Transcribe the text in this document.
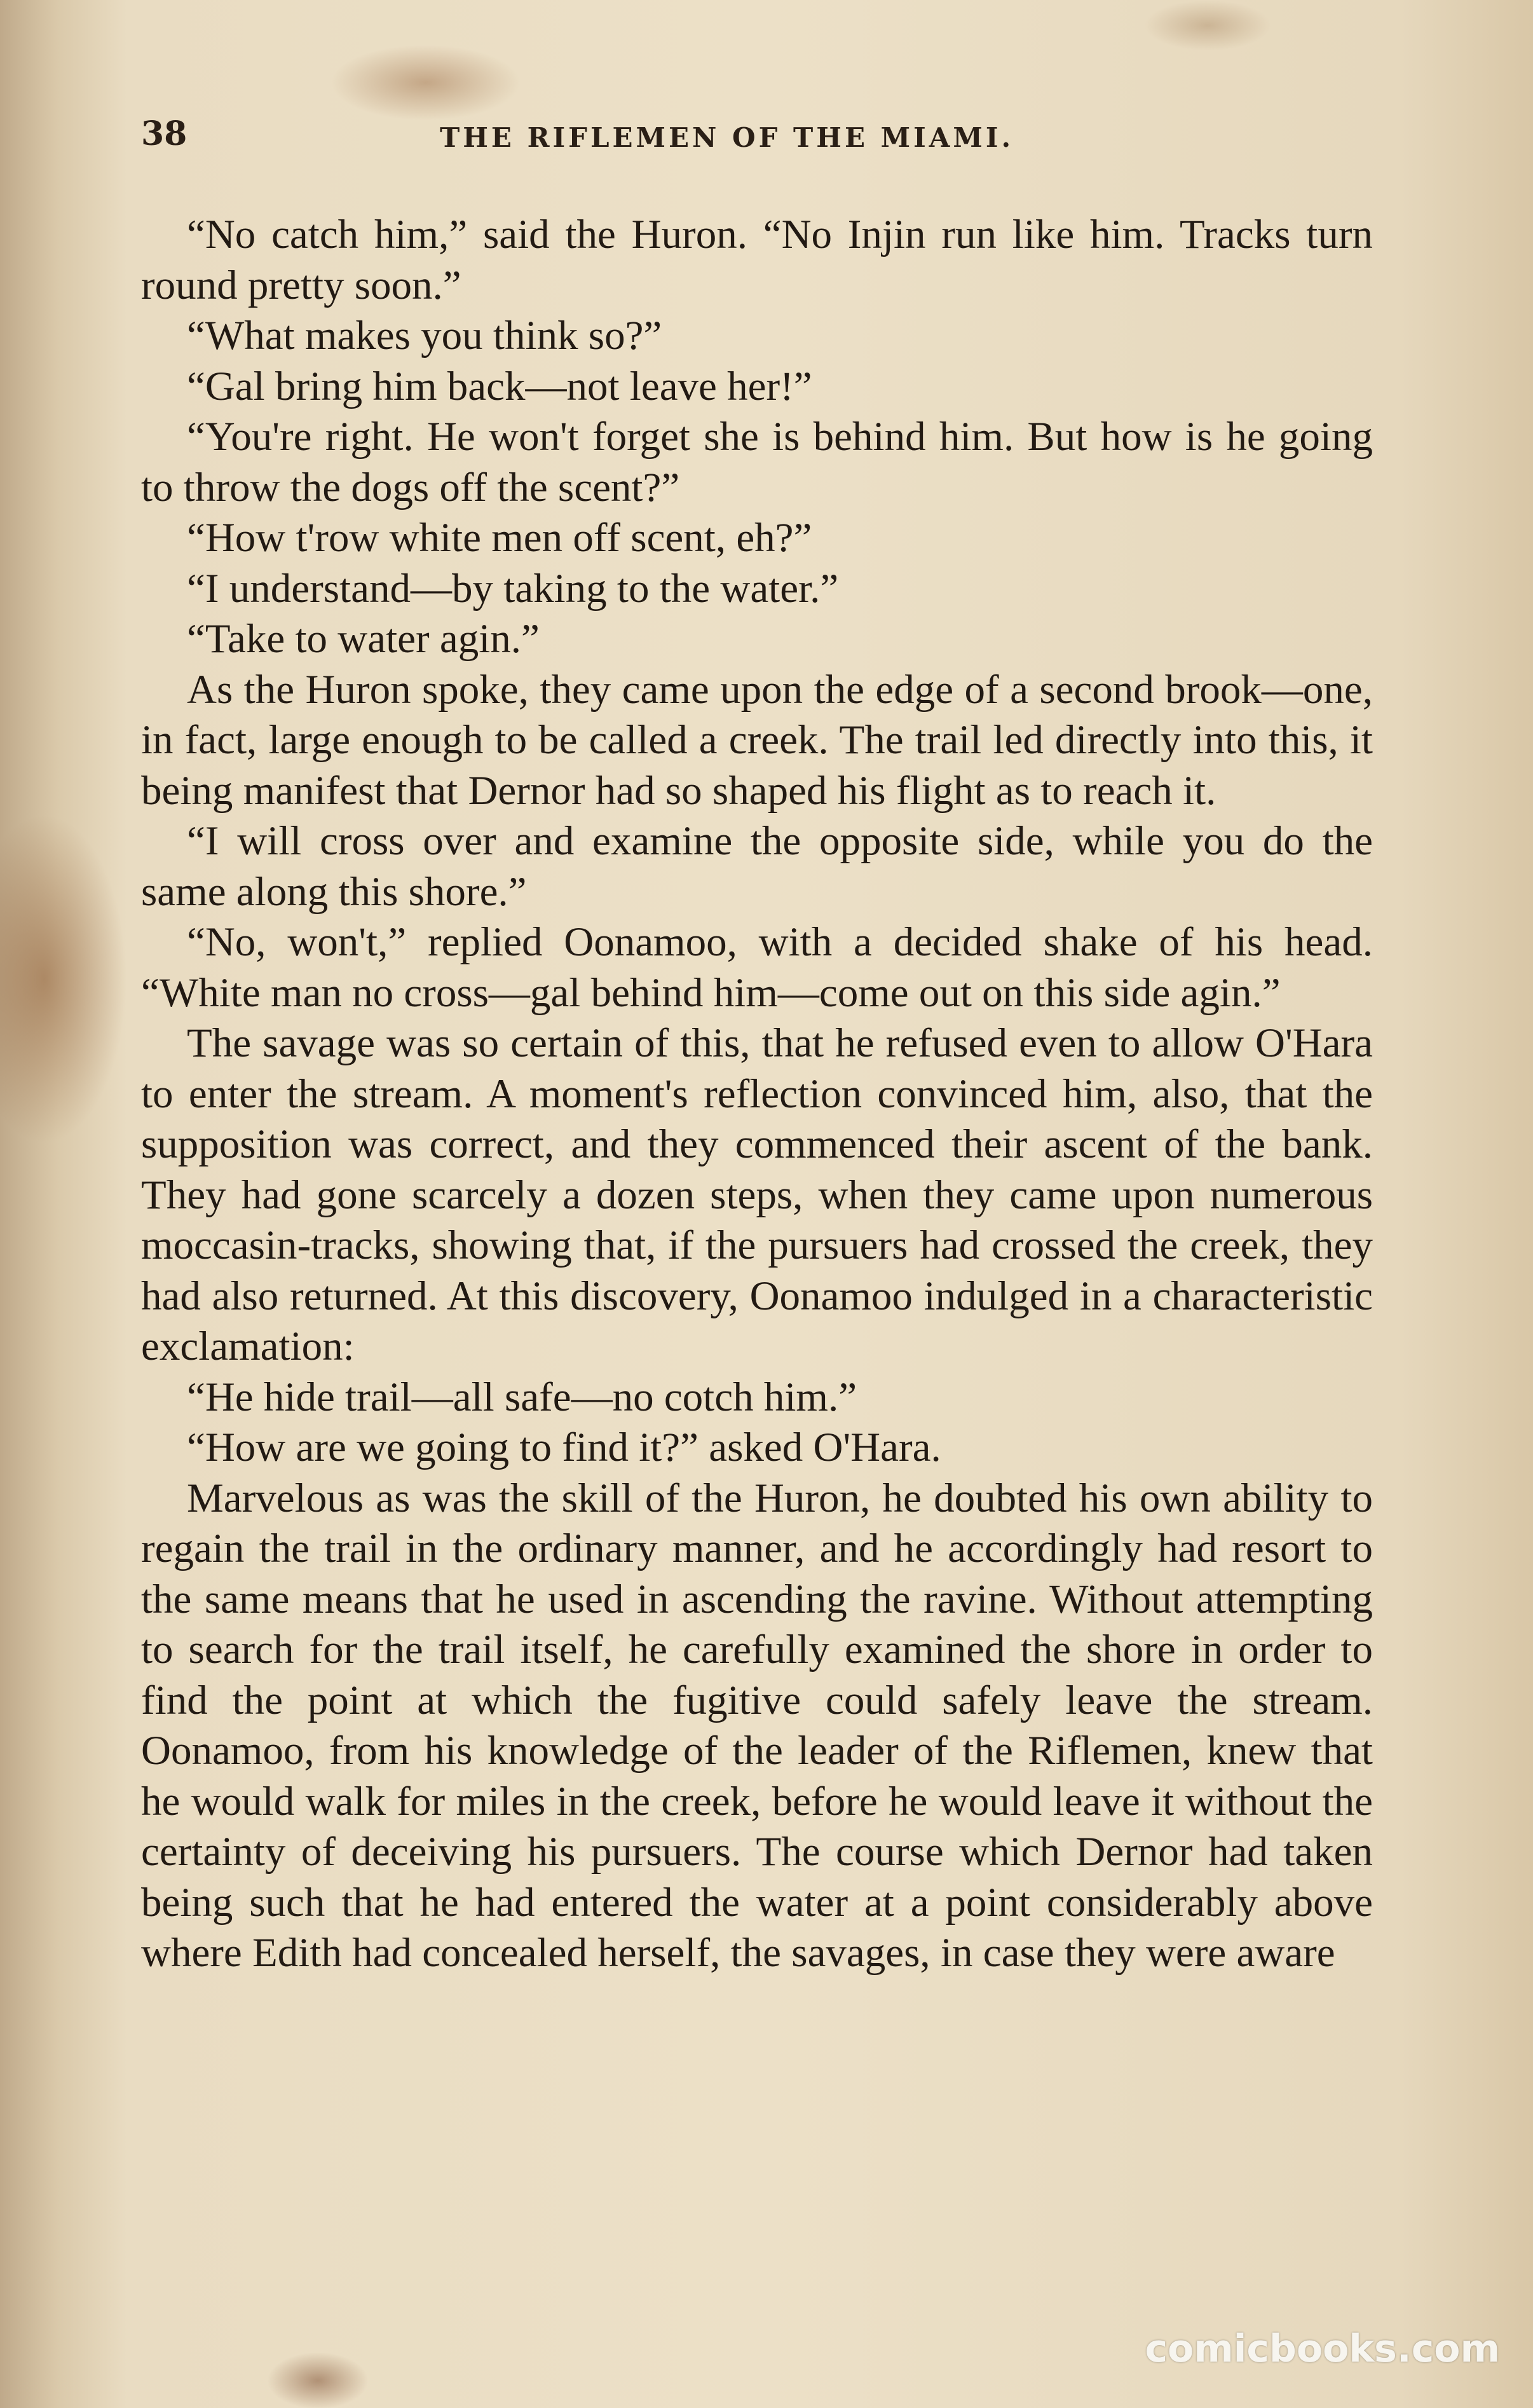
38	THE RIFLEMEN OF THE MIAMI.

“No catch him,” said the Huron. “No Injin run like him. Tracks turn round pretty soon.”

“What makes you think so?”

“Gal bring him back—not leave her!”

“You're right. He won't forget she is behind him. But how is he going to throw the dogs off the scent?”

“How t'row white men off scent, eh?”

“I understand—by taking to the water.”

“Take to water agin.”

As the Huron spoke, they came upon the edge of a second brook—one, in fact, large enough to be called a creek. The trail led directly into this, it being manifest that Dernor had so shaped his flight as to reach it.

“I will cross over and examine the opposite side, while you do the same along this shore.”

“No, won't,” replied Oonamoo, with a decided shake of his head. “White man no cross—gal behind him—come out on this side agin.”

The savage was so certain of this, that he refused even to allow O'Hara to enter the stream. A moment's reflection convinced him, also, that the supposition was correct, and they commenced their ascent of the bank. They had gone scarcely a dozen steps, when they came upon numerous moccasin-tracks, showing that, if the pursuers had crossed the creek, they had also returned. At this discovery, Oonamoo indulged in a characteristic exclamation:

“He hide trail—all safe—no cotch him.”

“How are we going to find it?” asked O'Hara.

Marvelous as was the skill of the Huron, he doubted his own ability to regain the trail in the ordinary manner, and he accordingly had resort to the same means that he used in ascending the ravine. Without attempting to search for the trail itself, he carefully examined the shore in order to find the point at which the fugitive could safely leave the stream. Oonamoo, from his knowledge of the leader of the Riflemen, knew that he would walk for miles in the creek, before he would leave it without the certainty of deceiving his pursuers. The course which Dernor had taken being such that he had entered the water at a point considerably above where Edith had concealed herself, the savages, in case they were aware

comicbooks.com
